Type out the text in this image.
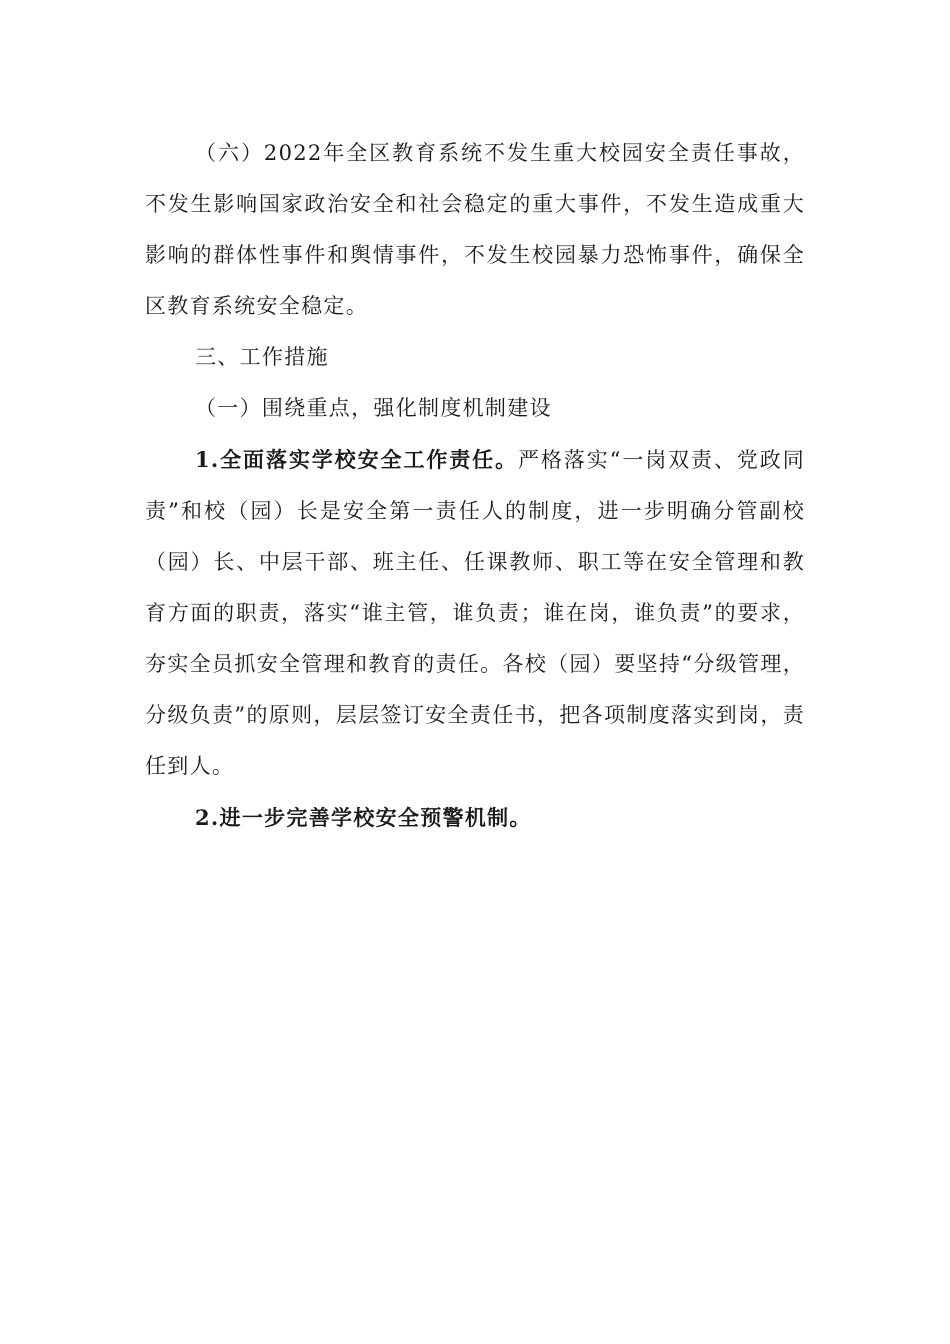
（六）2022年全区教育系统不发生重大校园安全责任事故，不发生影响国家政治安全和社会稳定的重大事件，不发生造成重大影响的群体性事件和舆情事件，不发生校园暴力恐怖事件，确保全区教育系统安全稳定。

三、工作措施

（一）围绕重点，强化制度机制建设

1.全面落实学校安全工作责任。严格落实“一岗双责、党政同责”和校（园）长是安全第一责任人的制度，进一步明确分管副校（园）长、中层干部、班主任、任课教师、职工等在安全管理和教育方面的职责，落实“谁主管，谁负责；谁在岗，谁负责”的要求，夯实全员抓安全管理和教育的责任。各校（园）要坚持“分级管理，分级负责”的原则，层层签订安全责任书，把各项制度落实到岗，责任到人。

2.进一步完善学校安全预警机制。
